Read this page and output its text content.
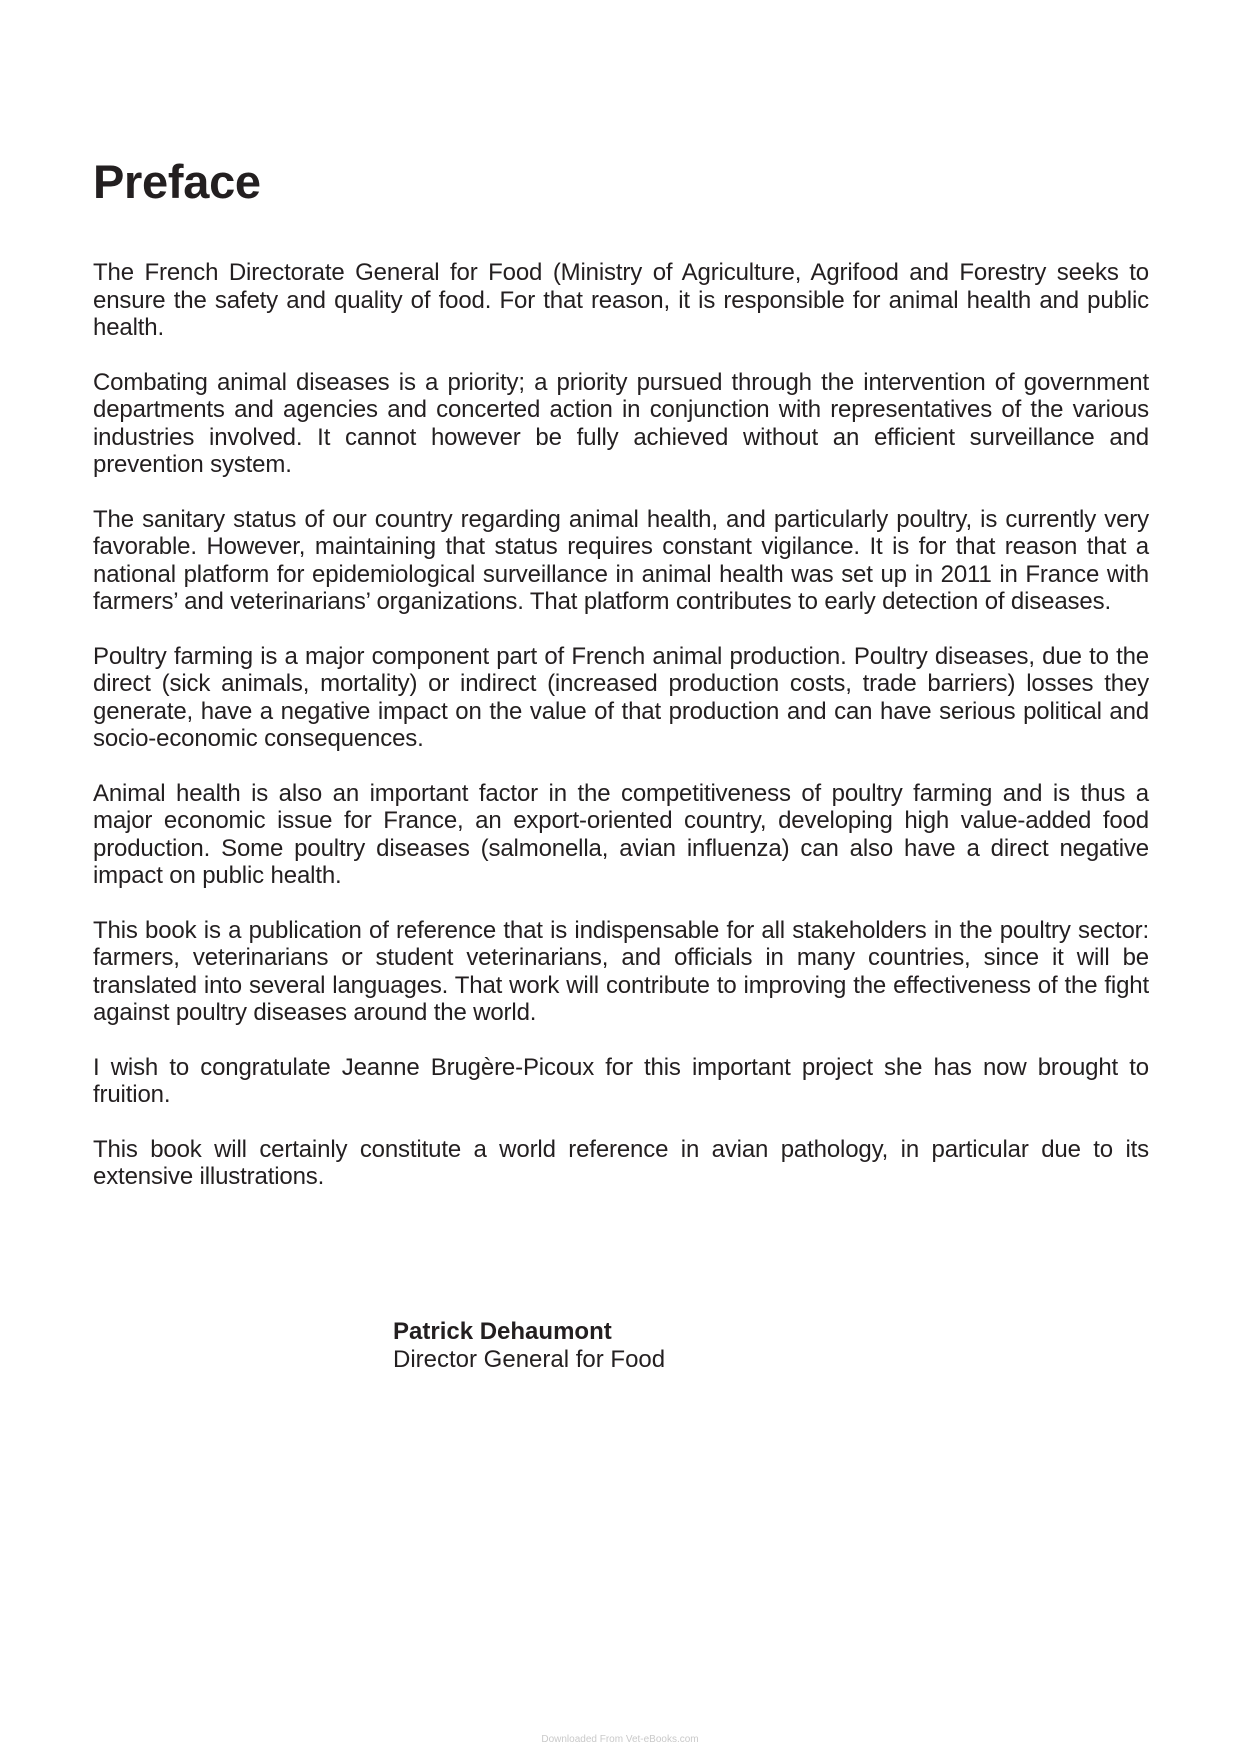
Preface

The French Directorate General for Food (Ministry of Agriculture, Agrifood and Forestry seeks to ensure the safety and quality of food. For that reason, it is responsible for animal health and public health.

Combating animal diseases is a priority; a priority pursued through the intervention of government departments and agencies and concerted action in conjunction with representatives of the various industries involved. It cannot however be fully achieved without an efficient surveillance and prevention system.

The sanitary status of our country regarding animal health, and particularly poultry, is currently very favorable. However, maintaining that status requires constant vigilance. It is for that reason that a national platform for epidemiological surveillance in animal health was set up in 2011 in France with farmers’ and veterinarians’ organizations. That platform contributes to early detection of diseases.

Poultry farming is a major component part of French animal production. Poultry diseases, due to the direct (sick animals, mortality) or indirect (increased production costs, trade barriers) losses they generate, have a negative impact on the value of that production and can have serious political and socio-economic consequences.

Animal health is also an important factor in the competitiveness of poultry farming and is thus a major economic issue for France, an export-oriented country, developing high value-added food production. Some poultry diseases (salmonella, avian influenza) can also have a direct negative impact on public health.

This book is a publication of reference that is indispensable for all stakeholders in the poultry sector: farmers, veterinarians or student veterinarians, and officials in many countries, since it will be translated into several languages. That work will contribute to improving the effectiveness of the fight against poultry diseases around the world.

I wish to congratulate Jeanne Brugère-Picoux for this important project she has now brought to fruition.

This book will certainly constitute a world reference in avian pathology, in particular due to its extensive illustrations.

Patrick Dehaumont

Director General for Food

Downloaded From Vet-eBooks.com
